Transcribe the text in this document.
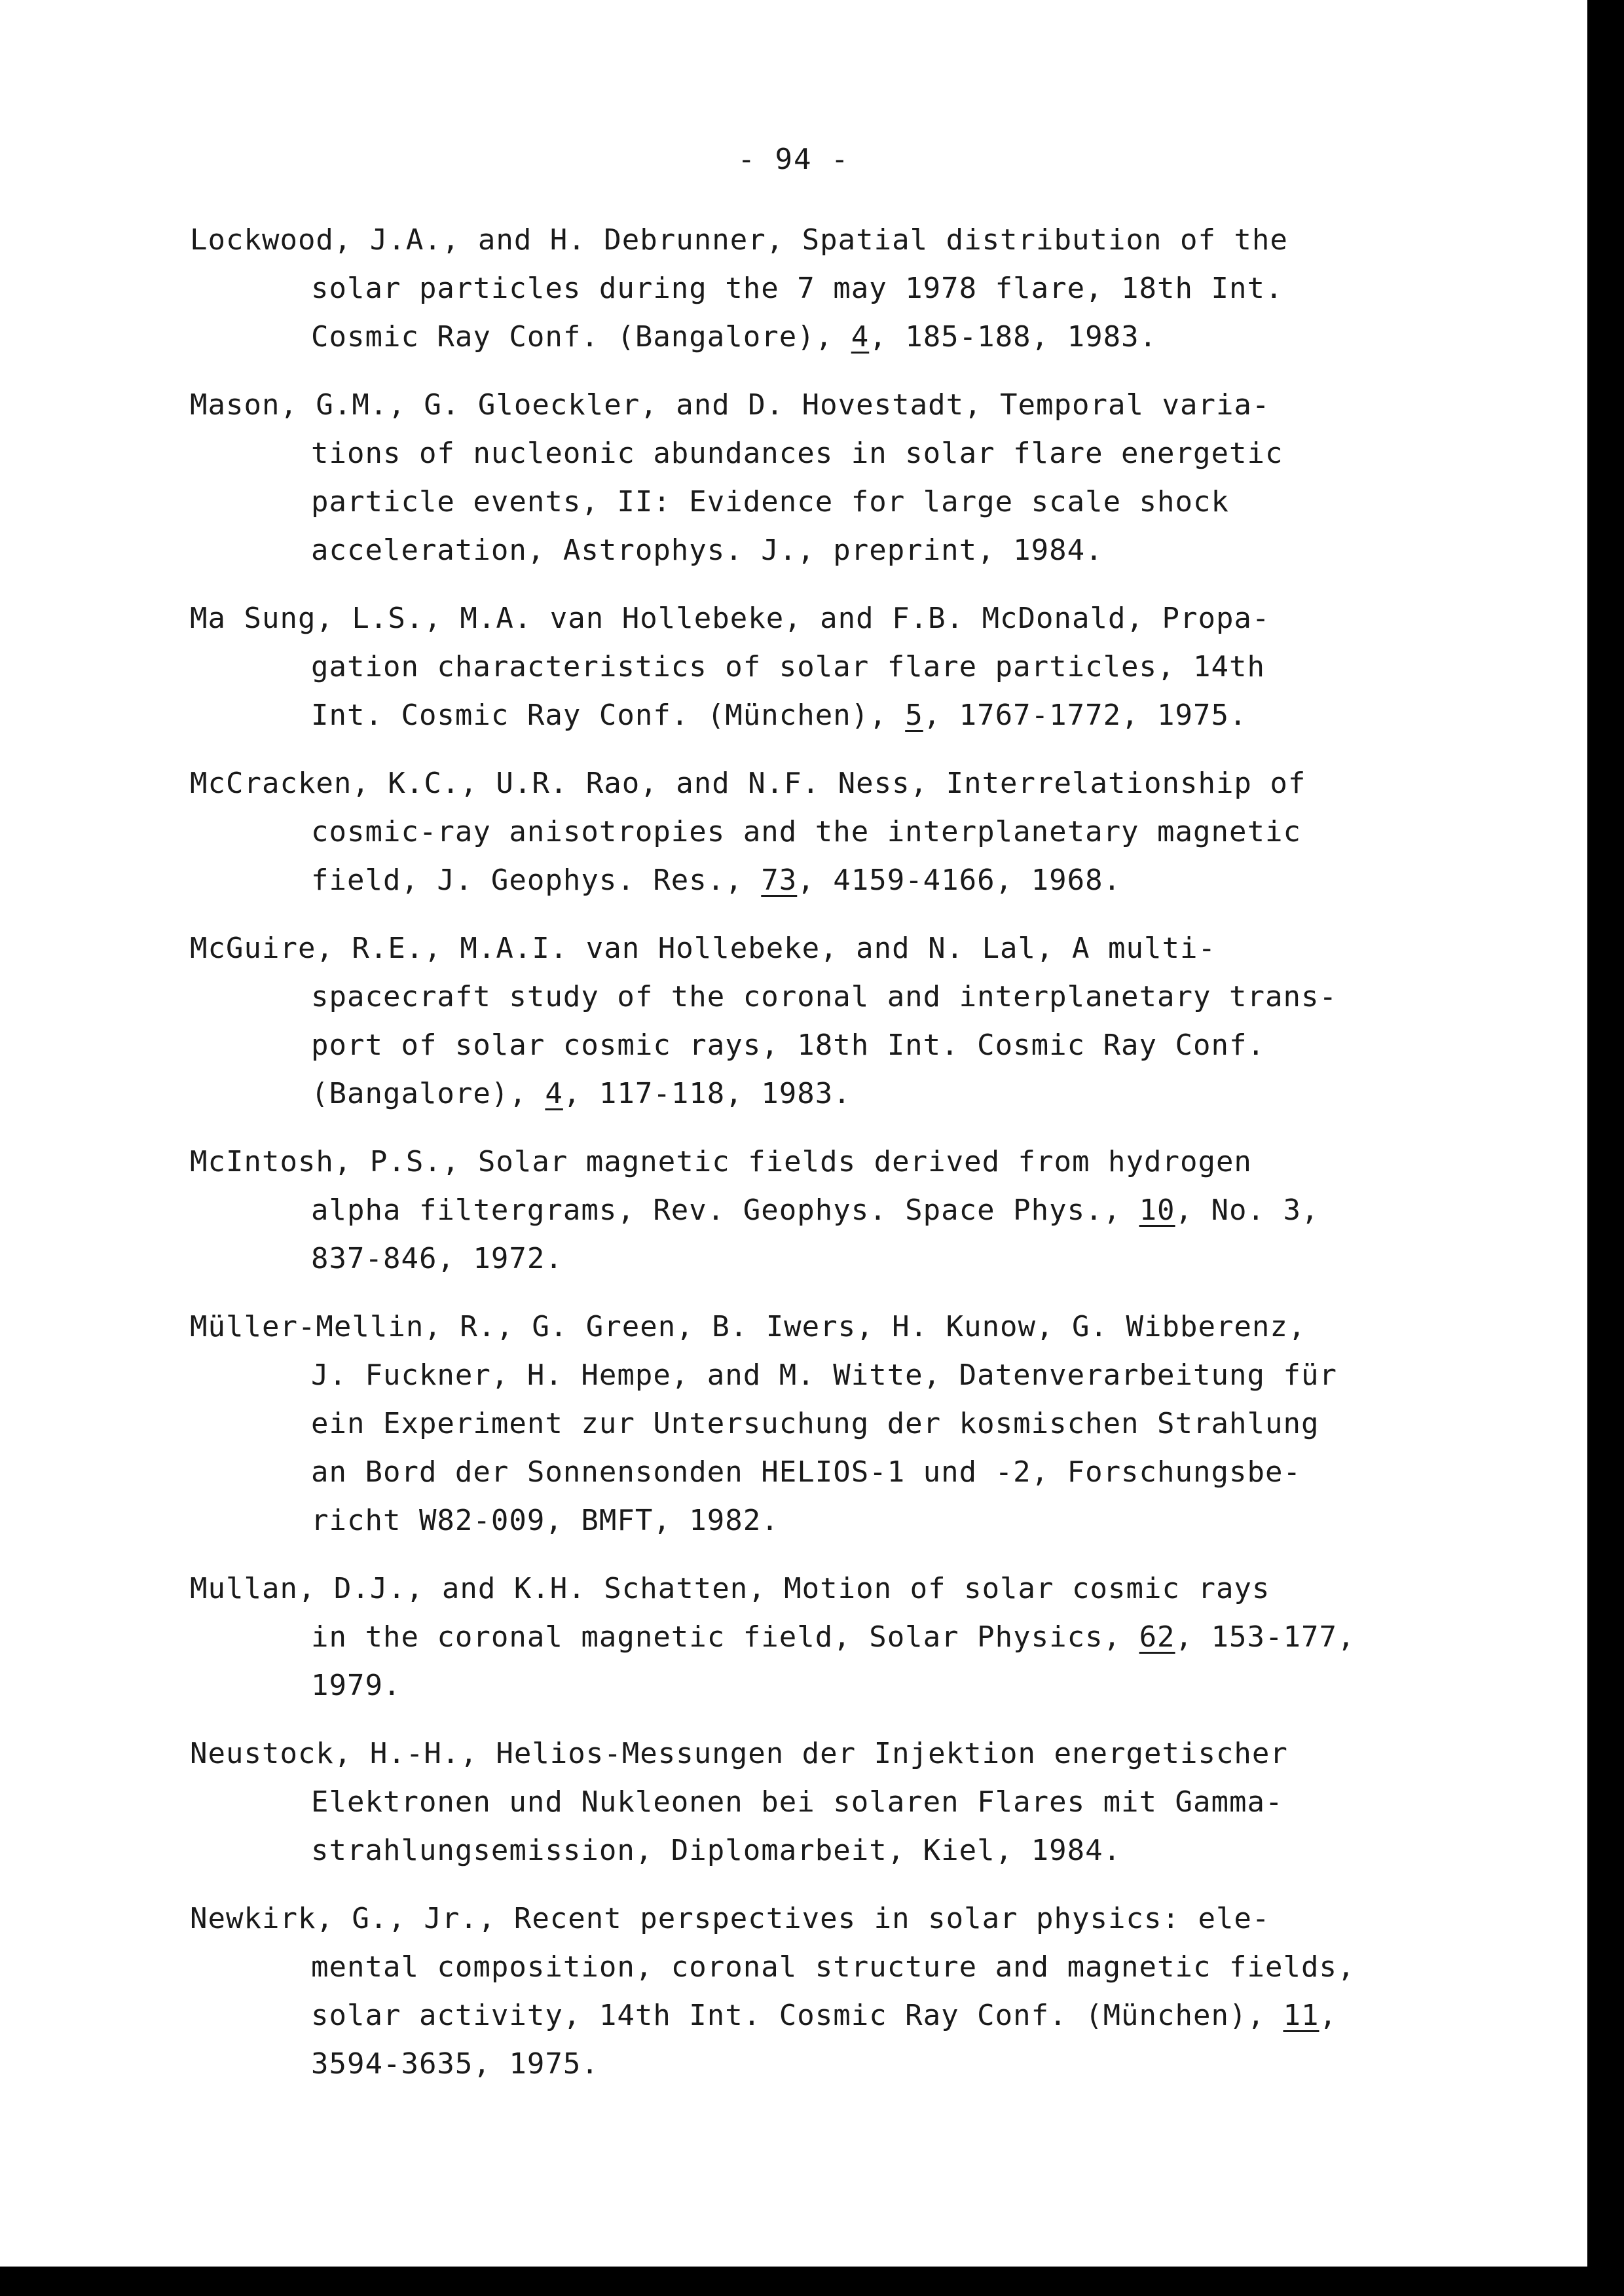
- 94 -
Lockwood, J.A., and H. Debrunner, Spatial distribution of the
solar particles during the 7 may 1978 flare, 18th Int.
Cosmic Ray Conf. (Bangalore), 4, 185-188, 1983.
Mason, G.M., G. Gloeckler, and D. Hovestadt, Temporal varia-
tions of nucleonic abundances in solar flare energetic
particle events, II: Evidence for large scale shock
acceleration, Astrophys. J., preprint, 1984.
Ma Sung, L.S., M.A. van Hollebeke, and F.B. McDonald, Propa-
gation characteristics of solar flare particles, 14th
Int. Cosmic Ray Conf. (München), 5, 1767-1772, 1975.
McCracken, K.C., U.R. Rao, and N.F. Ness, Interrelationship of
cosmic-ray anisotropies and the interplanetary magnetic
field, J. Geophys. Res., 73, 4159-4166, 1968.
McGuire, R.E., M.A.I. van Hollebeke, and N. Lal, A multi-
spacecraft study of the coronal and interplanetary trans-
port of solar cosmic rays, 18th Int. Cosmic Ray Conf.
(Bangalore), 4, 117-118, 1983.
McIntosh, P.S., Solar magnetic fields derived from hydrogen
alpha filtergrams, Rev. Geophys. Space Phys., 10, No. 3,
837-846, 1972.
Müller-Mellin, R., G. Green, B. Iwers, H. Kunow, G. Wibberenz,
J. Fuckner, H. Hempe, and M. Witte, Datenverarbeitung für
ein Experiment zur Untersuchung der kosmischen Strahlung
an Bord der Sonnensonden HELIOS-1 und -2, Forschungsbe-
richt W82-009, BMFT, 1982.
Mullan, D.J., and K.H. Schatten, Motion of solar cosmic rays
in the coronal magnetic field, Solar Physics, 62, 153-177,
1979.
Neustock, H.-H., Helios-Messungen der Injektion energetischer
Elektronen und Nukleonen bei solaren Flares mit Gamma-
strahlungsemission, Diplomarbeit, Kiel, 1984.
Newkirk, G., Jr., Recent perspectives in solar physics: ele-
mental composition, coronal structure and magnetic fields,
solar activity, 14th Int. Cosmic Ray Conf. (München), 11,
3594-3635, 1975.
